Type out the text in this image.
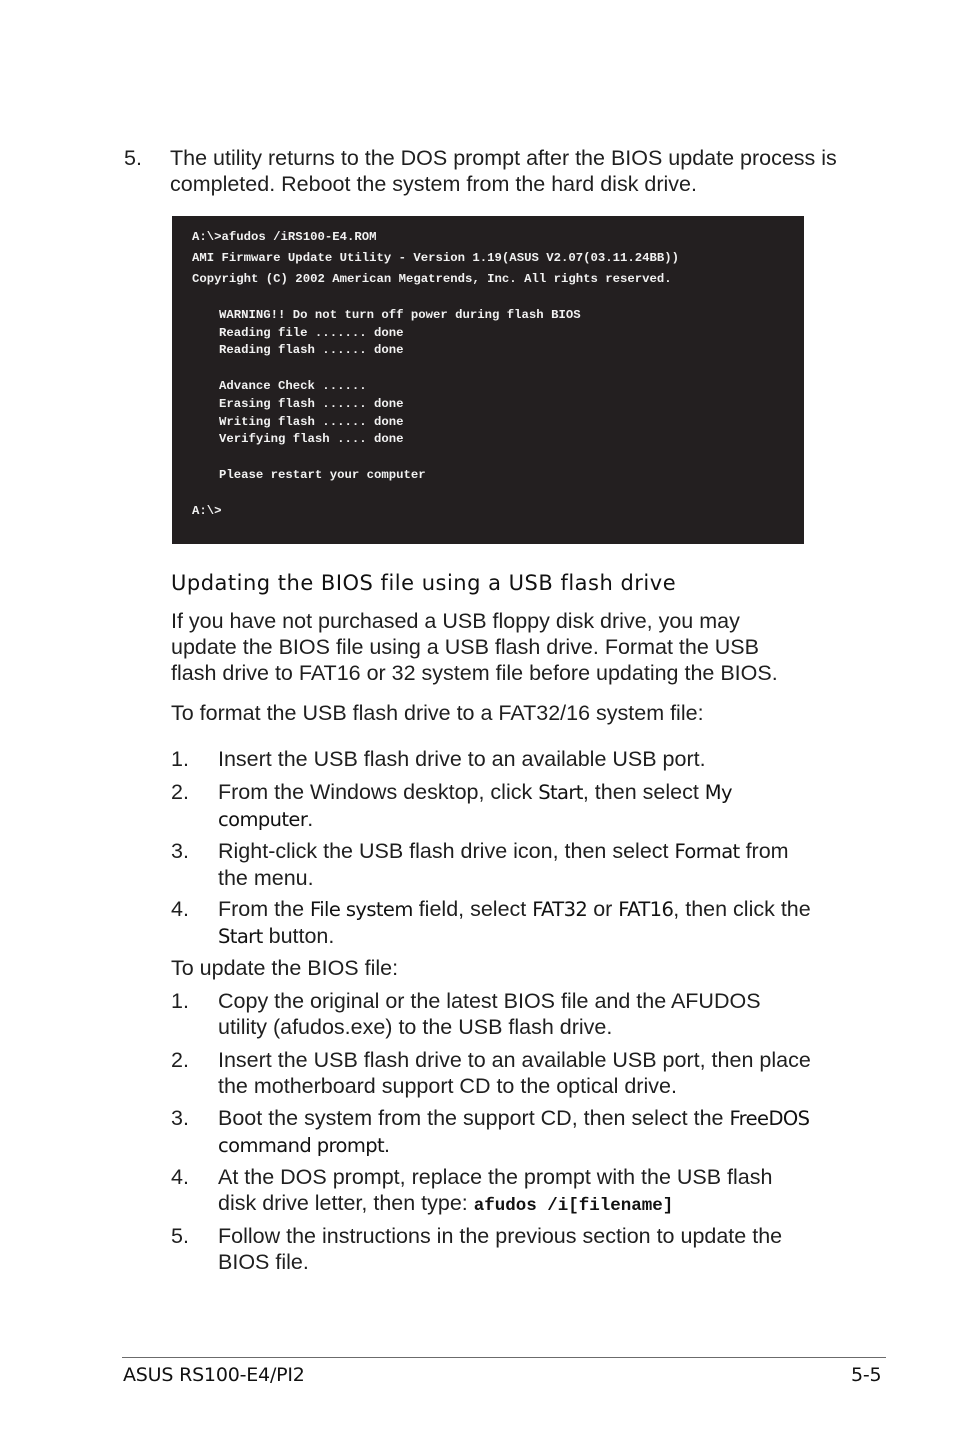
5.	The utility returns to the DOS prompt after the BIOS update process is completed. Reboot the system from the hard disk drive.
A:\>afudos /iRS100-E4.ROM
AMI Firmware Update Utility - Version 1.19(ASUS V2.07(03.11.24BB))
Copyright (C) 2002 American Megatrends, Inc. All rights reserved.
WARNING!! Do not turn off power during flash BIOS
Reading file ....... done
Reading flash ...... done
Advance Check ......
Erasing flash ...... done
Writing flash ...... done
Verifying flash .... done
Please restart your computer
A:\>
Updating the BIOS file using a USB flash drive
If you have not purchased a USB floppy disk drive, you may update the BIOS file using a USB flash drive. Format the USB flash drive to FAT16 or 32 system file before updating the BIOS.
To format the USB flash drive to a FAT32/16 system file:
1.	Insert the USB flash drive to an available USB port.
2.	From the Windows desktop, click Start, then select My computer.
3.	Right-click the USB flash drive icon, then select Format from the menu.
4.	From the File system field, select FAT32 or FAT16, then click the Start button.
To update the BIOS file:
1.	Copy the original or the latest BIOS file and the AFUDOS utility (afudos.exe) to the USB flash drive.
2.	Insert the USB flash drive to an available USB port, then place the motherboard support CD to the optical drive.
3.	Boot the system from the support CD, then select the FreeDOS command prompt.
4.	At the DOS prompt, replace the prompt with the USB flash disk drive letter, then type: afudos /i[filename]
5.	Follow the instructions in the previous section to update the BIOS file.
ASUS RS100-E4/PI2	5-5
